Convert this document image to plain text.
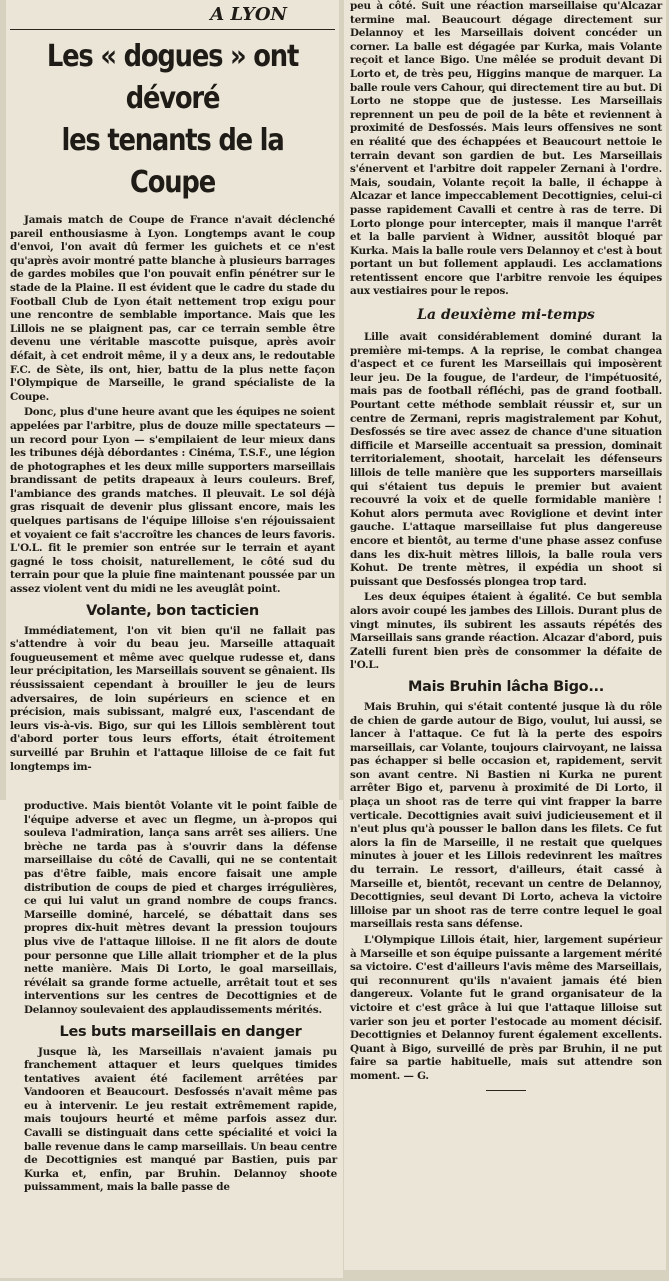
A LYON
Les « dogues » ont dévoré
les tenants de la Coupe

Jamais match de Coupe de France n'avait déclenché pareil enthousiasme à Lyon. Longtemps avant le coup d'envoi, l'on avait dû fermer les guichets et ce n'est qu'après avoir montré patte blanche à plusieurs barrages de gardes mobiles que l'on pouvait enfin pénétrer sur le stade de la Plaine. Il est évident que le cadre du stade du Football Club de Lyon était nettement trop exigu pour une rencontre de semblable importance. Mais que les Lillois ne se plaignent pas, car ce terrain semble être devenu une véritable mascotte puisque, après avoir défait, à cet endroit même, il y a deux ans, le redoutable F.C. de Sète, ils ont, hier, battu de la plus nette façon l'Olympique de Marseille, le grand spécialiste de la Coupe.

Donc, plus d'une heure avant que les équipes ne soient appelées par l'arbitre, plus de douze mille spectateurs — un record pour Lyon — s'empilaient de leur mieux dans les tribunes déjà débordantes : Cinéma, T.S.F., une légion de photographes et les deux mille supporters marseillais brandissant de petits drapeaux à leurs couleurs. Bref, l'ambiance des grands matches. Il pleuvait. Le sol déjà gras risquait de devenir plus glissant encore, mais les quelques partisans de l'équipe lilloise s'en réjouissaient et voyaient ce fait s'accroître les chances de leurs favoris. L'O.L. fit le premier son entrée sur le terrain et ayant gagné le toss choisit, naturellement, le côté sud du terrain pour que la pluie fine maintenant poussée par un assez violent vent du midi ne les aveuglât point.

Volante, bon tacticien

Immédiatement, l'on vit bien qu'il ne fallait pas s'attendre à voir du beau jeu. Marseille attaquait fougueusement et même avec quelque rudesse et, dans leur précipitation, les Marseillais souvent se gênaient. Ils réussissaient cependant à brouiller le jeu de leurs adversaires, de loin supérieurs en science et en précision, mais subissant, malgré eux, l'ascendant de leurs vis-à-vis. Bigo, sur qui les Lillois semblèrent tout d'abord porter tous leurs efforts, était étroitement surveillé par Bruhin et l'attaque lilloise de ce fait fut longtemps im-

productive. Mais bientôt Volante vit le point faible de l'équipe adverse et avec un flegme, un à-propos qui souleva l'admiration, lança sans arrêt ses ailiers. Une brèche ne tarda pas à s'ouvrir dans la défense marseillaise du côté de Cavalli, qui ne se contentait pas d'être faible, mais encore faisait une ample distribution de coups de pied et charges irrégulières, ce qui lui valut un grand nombre de coups francs. Marseille dominé, harcelé, se débattait dans ses propres dix-huit mètres devant la pression toujours plus vive de l'attaque lilloise. Il ne fit alors de doute pour personne que Lille allait triompher et de la plus nette manière. Mais Di Lorto, le goal marseillais, révélait sa grande forme actuelle, arrêtait tout et ses interventions sur les centres de Decottignies et de Delannoy soulevaient des applaudissements mérités.

Les buts marseillais en danger

Jusque là, les Marseillais n'avaient jamais pu franchement attaquer et leurs quelques timides tentatives avaient été facilement arrêtées par Vandooren et Beaucourt. Desfossés n'avait même pas eu à intervenir. Le jeu restait extrêmement rapide, mais toujours heurté et même parfois assez dur. Cavalli se distinguait dans cette spécialité et voici la balle revenue dans le camp marseillais. Un beau centre de Decottignies est manqué par Bastien, puis par Kurka et, enfin, par Bruhin. Delannoy shoote puissamment, mais la balle passe de

peu à côté. Suit une réaction marseillaise qu'Alcazar termine mal. Beaucourt dégage directement sur Delannoy et les Marseillais doivent concéder un corner. La balle est dégagée par Kurka, mais Volante reçoit et lance Bigo. Une mêlée se produit devant Di Lorto et, de très peu, Higgins manque de marquer. La balle roule vers Cahour, qui directement tire au but. Di Lorto ne stoppe que de justesse. Les Marseillais reprennent un peu de poil de la bête et reviennent à proximité de Desfossés. Mais leurs offensives ne sont en réalité que des échappées et Beaucourt nettoie le terrain devant son gardien de but. Les Marseillais s'énervent et l'arbitre doit rappeler Zernani à l'ordre. Mais, soudain, Volante reçoit la balle, il échappe à Alcazar et lance impeccablement Decottignies, celui-ci passe rapidement Cavalli et centre à ras de terre. Di Lorto plonge pour intercepter, mais il manque l'arrêt et la balle parvient à Widner, aussitôt bloqué par Kurka. Mais la balle roule vers Delannoy et c'est à bout portant un but follement applaudi. Les acclamations retentissent encore que l'arbitre renvoie les équipes aux vestiaires pour le repos.

La deuxième mi-temps

Lille avait considérablement dominé durant la première mi-temps. A la reprise, le combat changea d'aspect et ce furent les Marseillais qui imposèrent leur jeu. De la fougue, de l'ardeur, de l'impétuosité, mais pas de football réfléchi, pas de grand football. Pourtant cette méthode semblait réussir et, sur un centre de Zermani, repris magistralement par Kohut, Desfossés se tire avec assez de chance d'une situation difficile et Marseille accentuait sa pression, dominait territorialement, shootait, harcelait les défenseurs lillois de telle manière que les supporters marseillais qui s'étaient tus depuis le premier but avaient recouvré la voix et de quelle formidable manière ! Kohut alors permuta avec Roviglione et devint inter gauche. L'attaque marseillaise fut plus dangereuse encore et bientôt, au terme d'une phase assez confuse dans les dix-huit mètres lillois, la balle roula vers Kohut. De trente mètres, il expédia un shoot si puissant que Desfossés plongea trop tard.

Les deux équipes étaient à égalité. Ce but sembla alors avoir coupé les jambes des Lillois. Durant plus de vingt minutes, ils subirent les assauts répétés des Marseillais sans grande réaction. Alcazar d'abord, puis Zatelli furent bien près de consommer la défaite de l'O.L.

Mais Bruhin lâcha Bigo...

Mais Bruhin, qui s'était contenté jusque là du rôle de chien de garde autour de Bigo, voulut, lui aussi, se lancer à l'attaque. Ce fut là la perte des espoirs marseillais, car Volante, toujours clairvoyant, ne laissa pas échapper si belle occasion et, rapidement, servit son avant centre. Ni Bastien ni Kurka ne purent arrêter Bigo et, parvenu à proximité de Di Lorto, il plaça un shoot ras de terre qui vint frapper la barre verticale. Decottignies avait suivi judicieusement et il n'eut plus qu'à pousser le ballon dans les filets. Ce fut alors la fin de Marseille, il ne restait que quelques minutes à jouer et les Lillois redevinrent les maîtres du terrain. Le ressort, d'ailleurs, était cassé à Marseille et, bientôt, recevant un centre de Delannoy, Decottignies, seul devant Di Lorto, acheva la victoire lilloise par un shoot ras de terre contre lequel le goal marseillais resta sans défense.

L'Olympique Lillois était, hier, largement supérieur à Marseille et son équipe puissante a largement mérité sa victoire. C'est d'ailleurs l'avis même des Marseillais, qui reconnurent qu'ils n'avaient jamais été bien dangereux. Volante fut le grand organisateur de la victoire et c'est grâce à lui que l'attaque lilloise sut varier son jeu et porter l'estocade au moment décisif. Decottignies et Delannoy furent également excellents. Quant à Bigo, surveillé de près par Bruhin, il ne put faire sa partie habituelle, mais sut attendre son moment. — G.
